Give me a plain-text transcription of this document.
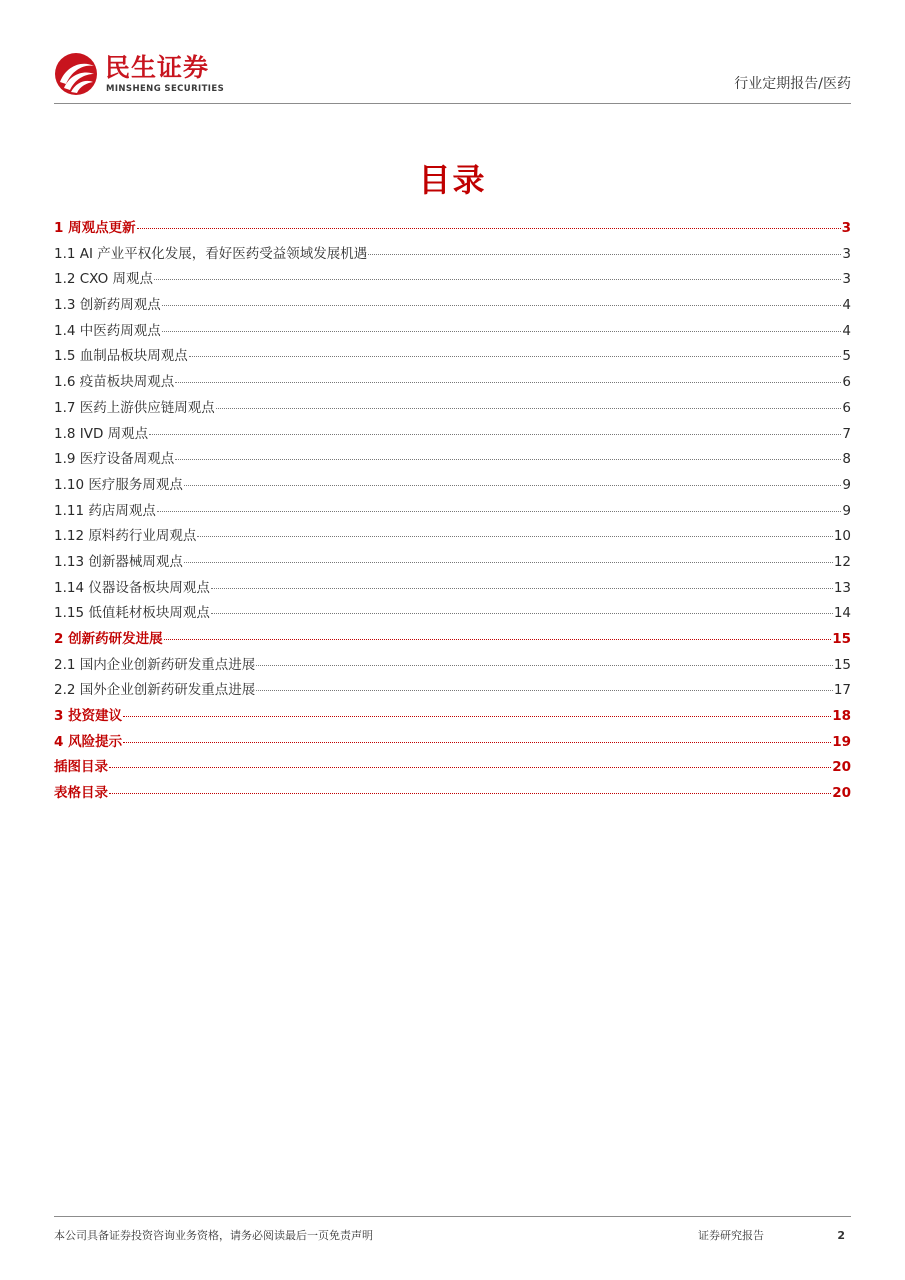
民生证券
MINSHENG SECURITIES	行业定期报告/医药
目录
1 周观点更新	3
1.1 AI 产业平权化发展，看好医药受益领域发展机遇	3
1.2 CXO 周观点	3
1.3 创新药周观点	4
1.4 中医药周观点	4
1.5 血制品板块周观点	5
1.6 疫苗板块周观点	6
1.7 医药上游供应链周观点	6
1.8 IVD 周观点	7
1.9 医疗设备周观点	8
1.10 医疗服务周观点	9
1.11 药店周观点	9
1.12 原料药行业周观点	10
1.13 创新器械周观点	12
1.14 仪器设备板块周观点	13
1.15 低值耗材板块周观点	14
2 创新药研发进展	15
2.1 国内企业创新药研发重点进展	15
2.2 国外企业创新药研发重点进展	17
3 投资建议	18
4 风险提示	19
插图目录	20
表格目录	20
本公司具备证券投资咨询业务资格，请务必阅读最后一页免责声明	证券研究报告	2
